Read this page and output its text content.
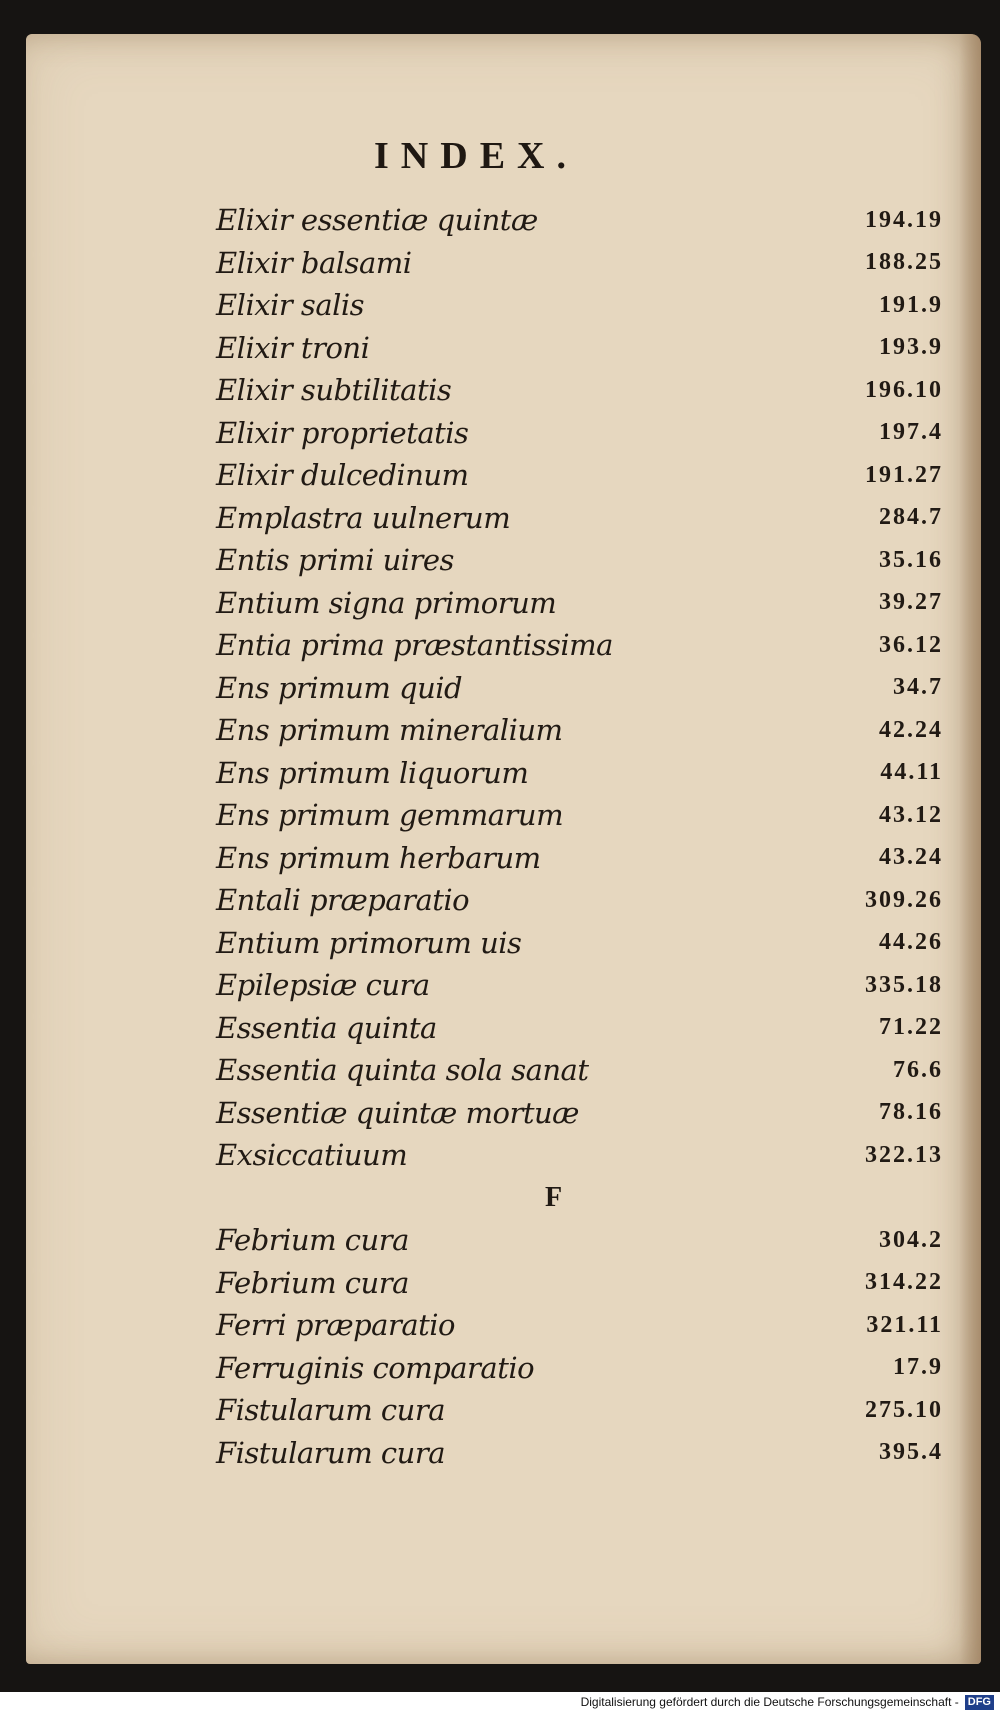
INDEX.
Elixir essentiæ quintæ	194.19
Elixir balsami	188.25
Elixir salis	191.9
Elixir troni	193.9
Elixir subtilitatis	196.10
Elixir proprietatis	197.4
Elixir dulcedinum	191.27
Emplastra uulnerum	284.7
Entis primi uires	35.16
Entium signa primorum	39.27
Entia prima præstantissima	36.12
Ens primum quid	34.7
Ens primum mineralium	42.24
Ens primum liquorum	44.11
Ens primum gemmarum	43.12
Ens primum herbarum	43.24
Entali præparatio	309.26
Entium primorum uis	44.26
Epilepsiæ cura	335.18
Essentia quinta	71.22
Essentia quinta sola sanat	76.6
Essentiæ quintæ mortuæ	78.16
Exsiccatiuum	322.13
F
Febrium cura	304.2
Febrium cura	314.22
Ferri præparatio	321.11
Ferruginis comparatio	17.9
Fistularum cura	275.10
Fistularum cura	395.4
Digitalisierung gefördert durch die Deutsche Forschungsgemeinschaft - DFG
